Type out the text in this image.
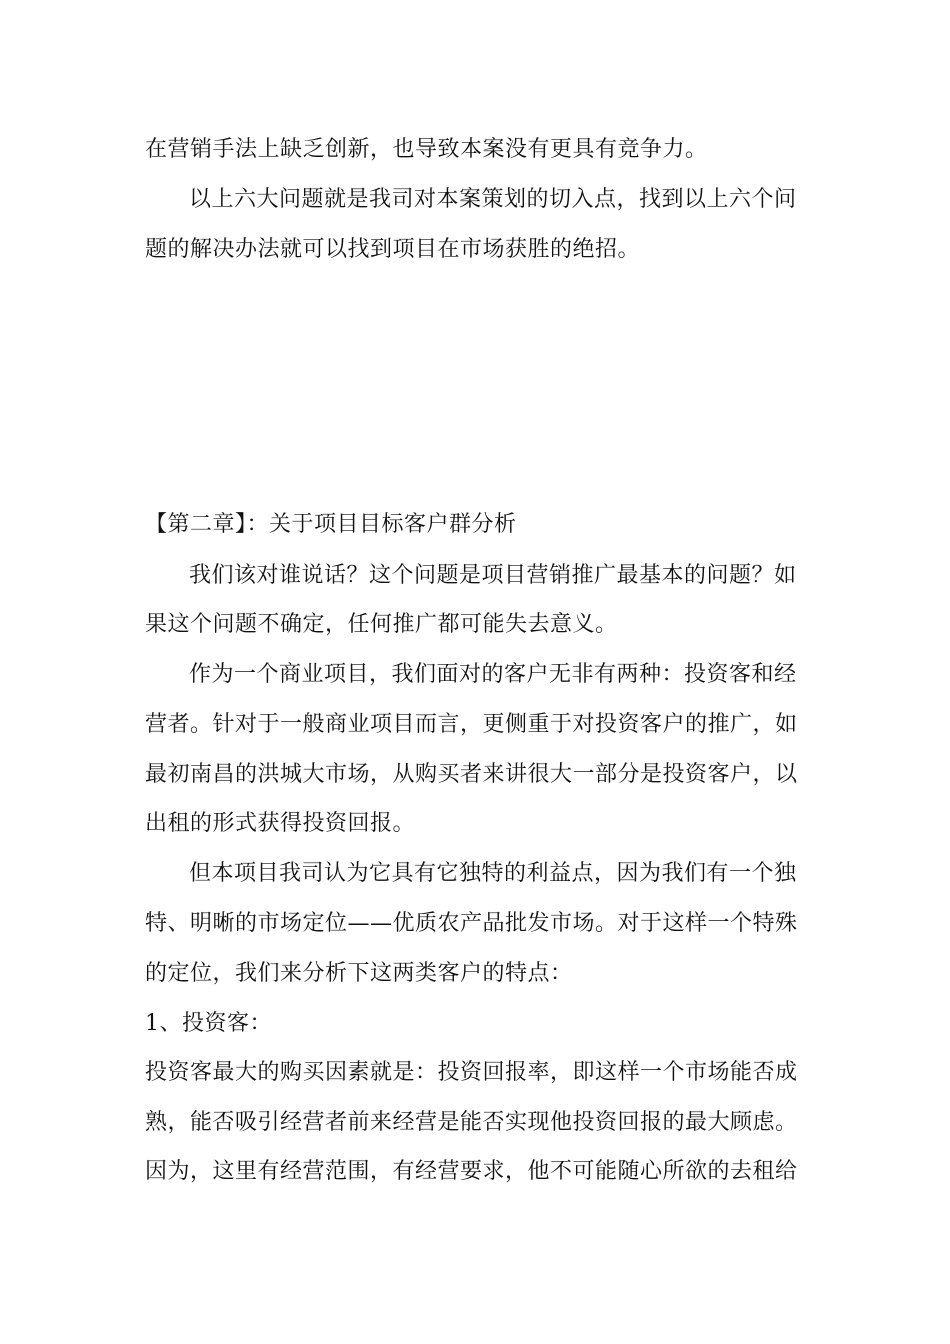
在营销手法上缺乏创新，也导致本案没有更具有竞争力。
以上六大问题就是我司对本案策划的切入点，找到以上六个问
题的解决办法就可以找到项目在市场获胜的绝招。
【第二章】：关于项目目标客户群分析
我们该对谁说话？这个问题是项目营销推广最基本的问题？如
果这个问题不确定，任何推广都可能失去意义。
作为一个商业项目，我们面对的客户无非有两种：投资客和经
营者。针对于一般商业项目而言，更侧重于对投资客户的推广，如
最初南昌的洪城大市场，从购买者来讲很大一部分是投资客户，以
出租的形式获得投资回报。
但本项目我司认为它具有它独特的利益点，因为我们有一个独
特、明晰的市场定位——优质农产品批发市场。对于这样一个特殊
的定位，我们来分析下这两类客户的特点：
1、投资客：
投资客最大的购买因素就是：投资回报率，即这样一个市场能否成
熟，能否吸引经营者前来经营是能否实现他投资回报的最大顾虑。
因为，这里有经营范围，有经营要求，他不可能随心所欲的去租给
